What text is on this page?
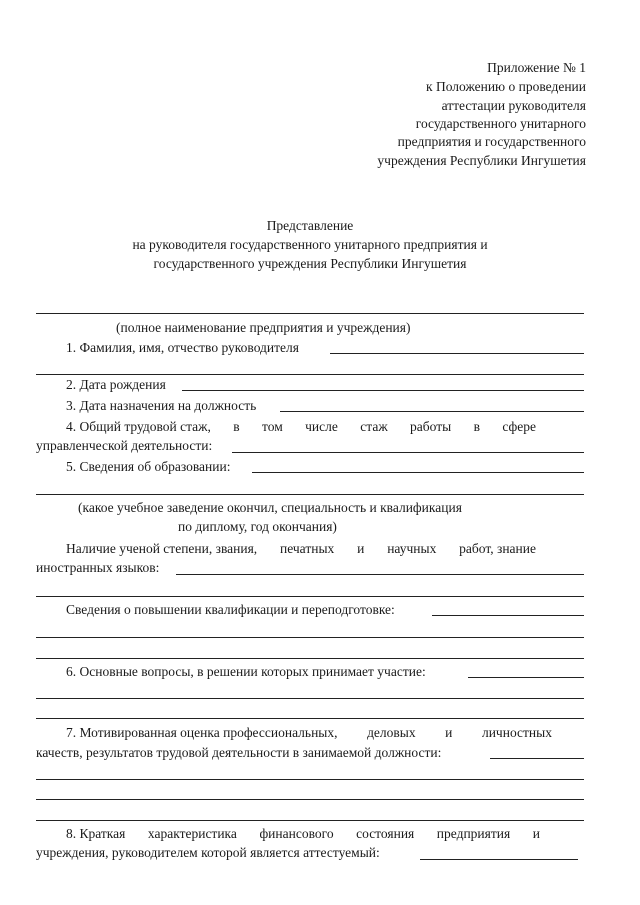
Приложение № 1
к Положению о проведении
аттестации руководителя
государственного унитарного
предприятия и государственного
учреждения Республики Ингушетия
Представление
на руководителя государственного унитарного предприятия и
государственного учреждения Республики Ингушетия
(полное наименование предприятия и учреждения)
1. Фамилия, имя, отчество руководителя
2. Дата рождения
3. Дата назначения на должность
4. Общий трудовой стаж, в том числе стаж работы в сфере
управленческой деятельности:
5. Сведения об образовании:
(какое учебное заведение окончил, специальность и квалификация
по диплому, год окончания)
Наличие ученой степени, звания, печатных и научных работ, знание
иностранных языков:
Сведения о повышении квалификации и переподготовке:
6. Основные вопросы, в решении которых принимает участие:
7. Мотивированная оценка профессиональных, деловых и личностных
качеств, результатов трудовой деятельности в занимаемой должности:
8. Краткая характеристика финансового состояния предприятия и
учреждения, руководителем которой является аттестуемый:
